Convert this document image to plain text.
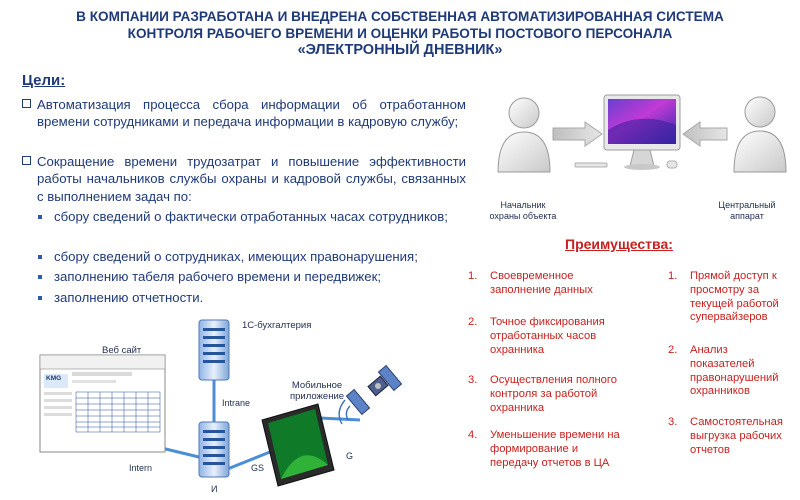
В КОМПАНИИ РАЗРАБОТАНА И ВНЕДРЕНА СОБСТВЕННАЯ АВТОМАТИЗИРОВАННАЯ СИСТЕМА
КОНТРОЛЯ РАБОЧЕГО ВРЕМЕНИ И ОЦЕНКИ РАБОТЫ ПОСТОВОГО ПЕРСОНАЛА
«ЭЛЕКТРОННЫЙ ДНЕВНИК»
Цели:
Автоматизация процесса сбора информации об отработанном времени сотрудниками и передача информации в кадровую службу;
Сокращение времени трудозатрат и повышение эффективности работы начальников службы охраны и кадровой службы, связанных с выполнением задач по:
сбору сведений о фактически отработанных часах сотрудников;
сбору сведений о сотрудниках, имеющих правонарушения;
заполнению табеля рабочего времени и передвижек;
заполнению отчетности.
Начальник
охраны объекта
Центральный
аппарат
Веб сайт
1С-бухгалтерия
Мобильное
приложение
Intrane
Intern	GS
G
И
KMG
Преимущества:
1.	Своевременное заполнение данных
2.	Точное фиксирования отработанных часов охранника
3.	Осуществления полного контроля за работой охранника
4.	Уменьшение времени на формирование и передачу отчетов в ЦА
1.	Прямой доступ к просмотру за текущей работой супервайзеров
2.	Анализ показателей правонарушений охранников
3.	Самостоятельная выгрузка рабочих отчетов
